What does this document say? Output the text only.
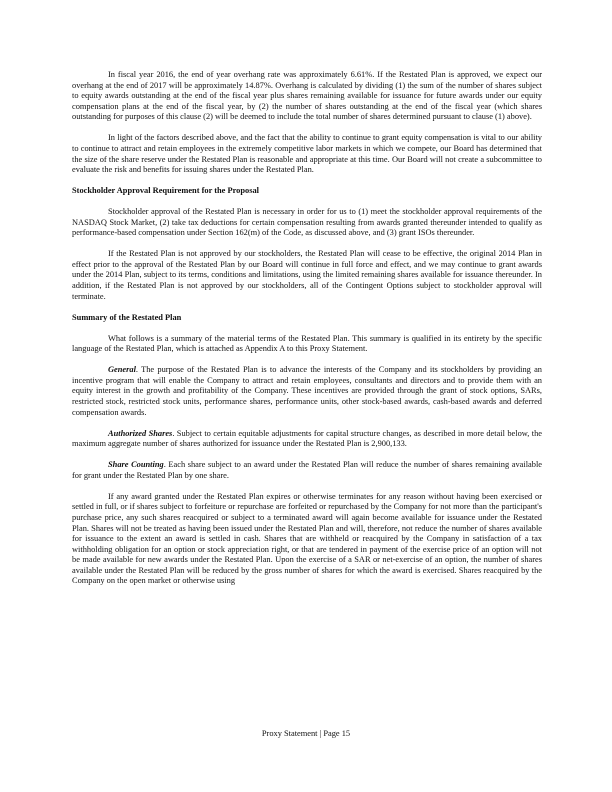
In fiscal year 2016, the end of year overhang rate was approximately 6.61%. If the Restated Plan is approved, we expect our overhang at the end of 2017 will be approximately 14.87%. Overhang is calculated by dividing (1) the sum of the number of shares subject to equity awards outstanding at the end of the fiscal year plus shares remaining available for issuance for future awards under our equity compensation plans at the end of the fiscal year, by (2) the number of shares outstanding at the end of the fiscal year (which shares outstanding for purposes of this clause (2) will be deemed to include the total number of shares determined pursuant to clause (1) above).

In light of the factors described above, and the fact that the ability to continue to grant equity compensation is vital to our ability to continue to attract and retain employees in the extremely competitive labor markets in which we compete, our Board has determined that the size of the share reserve under the Restated Plan is reasonable and appropriate at this time. Our Board will not create a subcommittee to evaluate the risk and benefits for issuing shares under the Restated Plan.

Stockholder Approval Requirement for the Proposal

Stockholder approval of the Restated Plan is necessary in order for us to (1) meet the stockholder approval requirements of the NASDAQ Stock Market, (2) take tax deductions for certain compensation resulting from awards granted thereunder intended to qualify as performance-based compensation under Section 162(m) of the Code, as discussed above, and (3) grant ISOs thereunder.

If the Restated Plan is not approved by our stockholders, the Restated Plan will cease to be effective, the original 2014 Plan in effect prior to the approval of the Restated Plan by our Board will continue in full force and effect, and we may continue to grant awards under the 2014 Plan, subject to its terms, conditions and limitations, using the limited remaining shares available for issuance thereunder. In addition, if the Restated Plan is not approved by our stockholders, all of the Contingent Options subject to stockholder approval will terminate.

Summary of the Restated Plan

What follows is a summary of the material terms of the Restated Plan. This summary is qualified in its entirety by the specific language of the Restated Plan, which is attached as Appendix A to this Proxy Statement.

General. The purpose of the Restated Plan is to advance the interests of the Company and its stockholders by providing an incentive program that will enable the Company to attract and retain employees, consultants and directors and to provide them with an equity interest in the growth and profitability of the Company. These incentives are provided through the grant of stock options, SARs, restricted stock, restricted stock units, performance shares, performance units, other stock-based awards, cash-based awards and deferred compensation awards.

Authorized Shares. Subject to certain equitable adjustments for capital structure changes, as described in more detail below, the maximum aggregate number of shares authorized for issuance under the Restated Plan is 2,900,133.

Share Counting. Each share subject to an award under the Restated Plan will reduce the number of shares remaining available for grant under the Restated Plan by one share.

If any award granted under the Restated Plan expires or otherwise terminates for any reason without having been exercised or settled in full, or if shares subject to forfeiture or repurchase are forfeited or repurchased by the Company for not more than the participant's purchase price, any such shares reacquired or subject to a terminated award will again become available for issuance under the Restated Plan. Shares will not be treated as having been issued under the Restated Plan and will, therefore, not reduce the number of shares available for issuance to the extent an award is settled in cash. Shares that are withheld or reacquired by the Company in satisfaction of a tax withholding obligation for an option or stock appreciation right, or that are tendered in payment of the exercise price of an option will not be made available for new awards under the Restated Plan. Upon the exercise of a SAR or net-exercise of an option, the number of shares available under the Restated Plan will be reduced by the gross number of shares for which the award is exercised. Shares reacquired by the Company on the open market or otherwise using

Proxy Statement | Page 15
